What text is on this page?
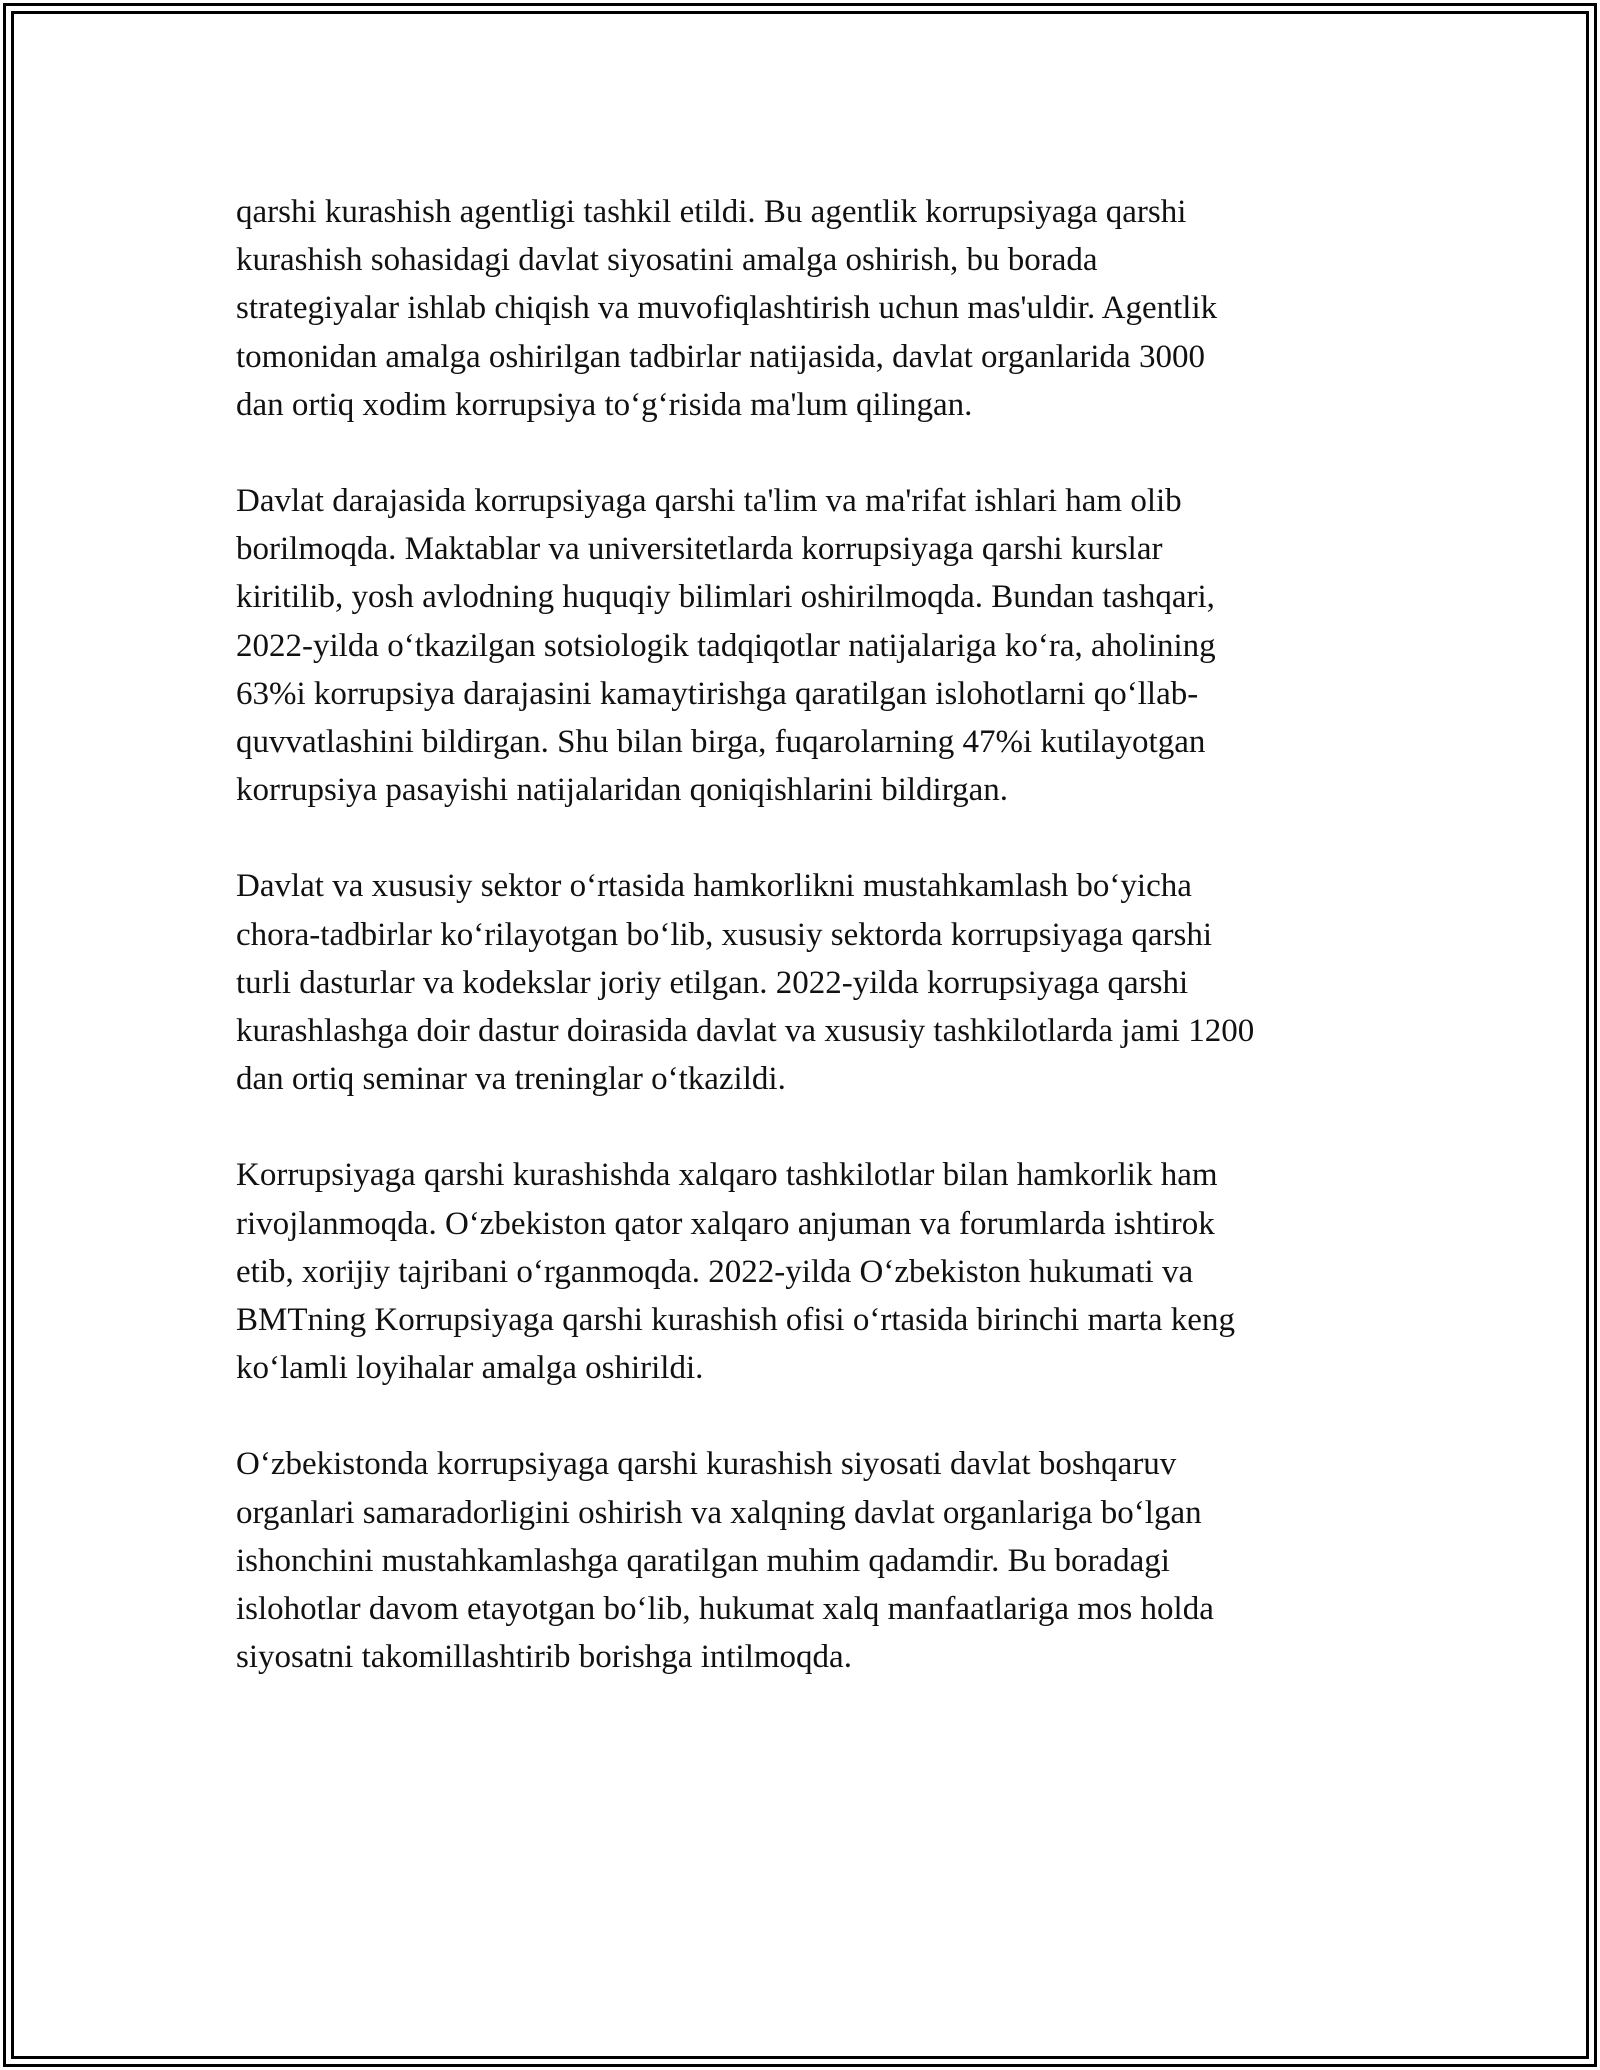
qarshi kurashish agentligi tashkil etildi. Bu agentlik korrupsiyaga qarshi
kurashish sohasidagi davlat siyosatini amalga oshirish, bu borada
strategiyalar ishlab chiqish va muvofiqlashtirish uchun mas'uldir. Agentlik
tomonidan amalga oshirilgan tadbirlar natijasida, davlat organlarida 3000
dan ortiq xodim korrupsiya to‘g‘risida ma'lum qilingan.

Davlat darajasida korrupsiyaga qarshi ta'lim va ma'rifat ishlari ham olib
borilmoqda. Maktablar va universitetlarda korrupsiyaga qarshi kurslar
kiritilib, yosh avlodning huquqiy bilimlari oshirilmoqda. Bundan tashqari,
2022-yilda o‘tkazilgan sotsiologik tadqiqotlar natijalariga ko‘ra, aholining
63%i korrupsiya darajasini kamaytirishga qaratilgan islohotlarni qo‘llab-
quvvatlashini bildirgan. Shu bilan birga, fuqarolarning 47%i kutilayotgan
korrupsiya pasayishi natijalaridan qoniqishlarini bildirgan.

Davlat va xususiy sektor o‘rtasida hamkorlikni mustahkamlash bo‘yicha
chora-tadbirlar ko‘rilayotgan bo‘lib, xususiy sektorda korrupsiyaga qarshi
turli dasturlar va kodekslar joriy etilgan. 2022-yilda korrupsiyaga qarshi
kurashlashga doir dastur doirasida davlat va xususiy tashkilotlarda jami 1200
dan ortiq seminar va treninglar o‘tkazildi.

Korrupsiyaga qarshi kurashishda xalqaro tashkilotlar bilan hamkorlik ham
rivojlanmoqda. O‘zbekiston qator xalqaro anjuman va forumlarda ishtirok
etib, xorijiy tajribani o‘rganmoqda. 2022-yilda O‘zbekiston hukumati va
BMTning Korrupsiyaga qarshi kurashish ofisi o‘rtasida birinchi marta keng
ko‘lamli loyihalar amalga oshirildi.

O‘zbekistonda korrupsiyaga qarshi kurashish siyosati davlat boshqaruv
organlari samaradorligini oshirish va xalqning davlat organlariga bo‘lgan
ishonchini mustahkamlashga qaratilgan muhim qadamdir. Bu boradagi
islohotlar davom etayotgan bo‘lib, hukumat xalq manfaatlariga mos holda
siyosatni takomillashtirib borishga intilmoqda.
